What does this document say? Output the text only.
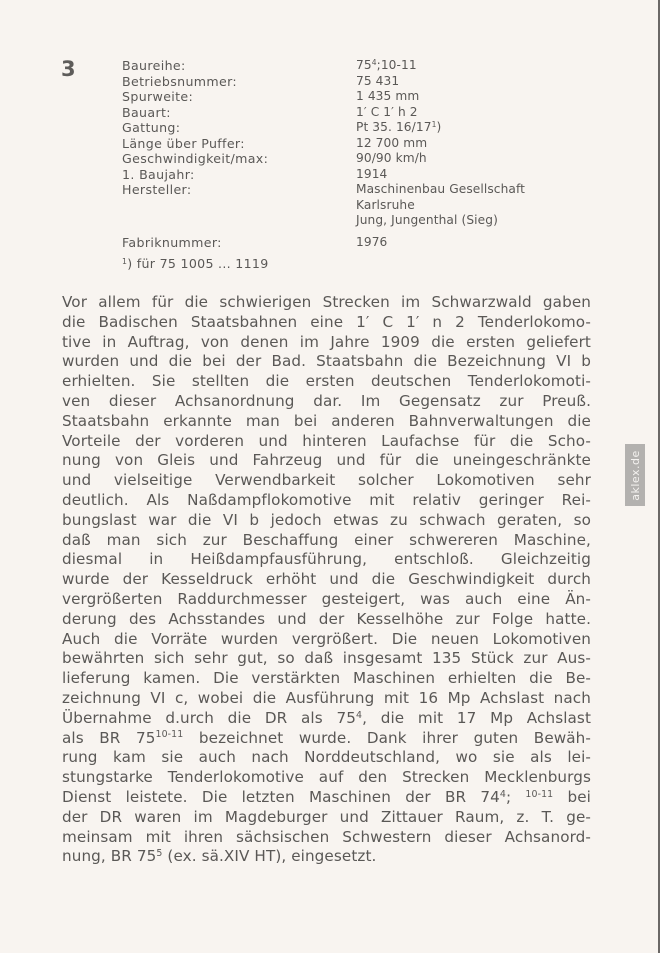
3	Baureihe:	$75^4;10-11$
Betriebsnummer:	75 431
Spurweite:	1 435 mm
Bauart:	1′ C 1′ h 2
Gattung:	Pt 35. $16/17^1$)
Länge über Puffer:	12 700 mm
Geschwindigkeit/max:	90/90 km/h
1. Baujahr:	1914
Hersteller:	Maschinenbau Gesellschaft
Karlsruhe
Jung, Jungenthal (Sieg)
Fabriknummer:	1976
$^1$) für 75 1005 ... 1119
Vor allem für die schwierigen Strecken im Schwarzwald gaben
die Badischen Staatsbahnen eine 1′ C 1′ n 2 Tenderlokomo-
tive in Auftrag, von denen im Jahre 1909 die ersten geliefert
wurden und die bei der Bad. Staatsbahn die Bezeichnung VI b
erhielten. Sie stellten die ersten deutschen Tenderlokomoti-
ven dieser Achsanordnung dar. Im Gegensatz zur Preuß.
Staatsbahn erkannte man bei anderen Bahnverwaltungen die
Vorteile der vorderen und hinteren Laufachse für die Scho-
nung von Gleis und Fahrzeug und für die uneingeschränkte
und vielseitige Verwendbarkeit solcher Lokomotiven sehr
deutlich. Als Naßdampflokomotive mit relativ geringer Rei-
bungslast war die VI b jedoch etwas zu schwach geraten, so
daß man sich zur Beschaffung einer schwereren Maschine,
diesmal in Heißdampfausführung, entschloß. Gleichzeitig
wurde der Kesseldruck erhöht und die Geschwindigkeit durch
vergrößerten Raddurchmesser gesteigert, was auch eine Än-
derung des Achsstandes und der Kesselhöhe zur Folge hatte.
Auch die Vorräte wurden vergrößert. Die neuen Lokomotiven
bewährten sich sehr gut, so daß insgesamt 135 Stück zur Aus-
lieferung kamen. Die verstärkten Maschinen erhielten die Be-
zeichnung VI c, wobei die Ausführung mit 16 Mp Achslast nach
Übernahme d.urch die DR als $75^4$, die mit 17 Mp Achslast
als BR 75$^{10-11}$ bezeichnet wurde. Dank ihrer guten Bewäh-
rung kam sie auch nach Norddeutschland, wo sie als lei-
stungstarke Tenderlokomotive auf den Strecken Mecklenburgs
Dienst leistete. Die letzten Maschinen der BR $74^4$; $^{10-11}$ bei
der DR waren im Magdeburger und Zittauer Raum, z. T. ge-
meinsam mit ihren sächsischen Schwestern dieser Achsanord-
nung, BR $75^5$ (ex. sä.XIV HT), eingesetzt.
aklex.de
